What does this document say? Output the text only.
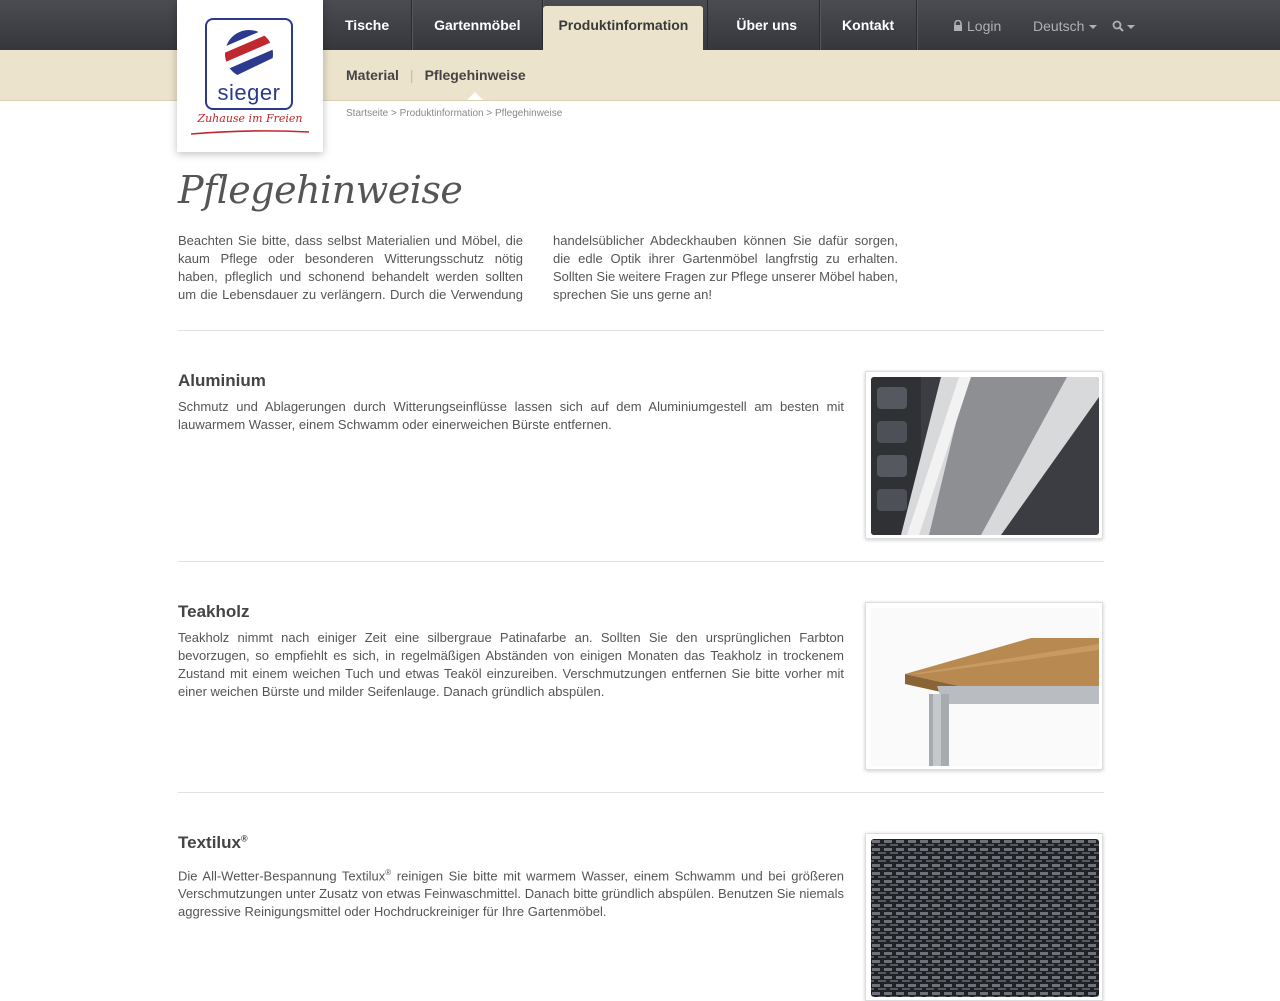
sieger
Zuhause im Freien
Tische	Gartenmöbel	Produktinformation	Über uns	Kontakt	Login Deutsch
Material | Pflegehinweise
Startseite > Produktinformation > Pflegehinweise
Pflegehinweise
Beachten Sie bitte, dass selbst Materialien und Möbel, die kaum Pflege oder besonderen Witterungsschutz nötig haben, pfleglich und schonend behandelt werden sollten um die Lebensdauer zu verlängern. Durch die Verwendung handelsüblicher Abdeckhauben können Sie dafür sorgen, die edle Optik ihrer Gartenmöbel langfrstig zu erhalten. Sollten Sie weitere Fragen zur Pflege unserer Möbel haben, sprechen Sie uns gerne an!
Aluminium
Schmutz und Ablagerungen durch Witterungseinflüsse lassen sich auf dem Aluminiumgestell am besten mit lauwarmem Wasser, einem Schwamm oder einerweichen Bürste entfernen.
Teakholz
Teakholz nimmt nach einiger Zeit eine silbergraue Patinafarbe an. Sollten Sie den ursprünglichen Farbton bevorzugen, so empfiehlt es sich, in regelmäßigen Abständen von einigen Monaten das Teakholz in trockenem Zustand mit einem weichen Tuch und etwas Teaköl einzureiben. Verschmutzungen entfernen Sie bitte vorher mit einer weichen Bürste und milder Seifenlauge. Danach gründlich abspülen.
Textilux®
Die All-Wetter-Bespannung Textilux® reinigen Sie bitte mit warmem Wasser, einem Schwamm und bei größeren Verschmutzungen unter Zusatz von etwas Feinwaschmittel. Danach bitte gründlich abspülen. Benutzen Sie niemals aggressive Reinigungsmittel oder Hochdruckreiniger für Ihre Gartenmöbel.
